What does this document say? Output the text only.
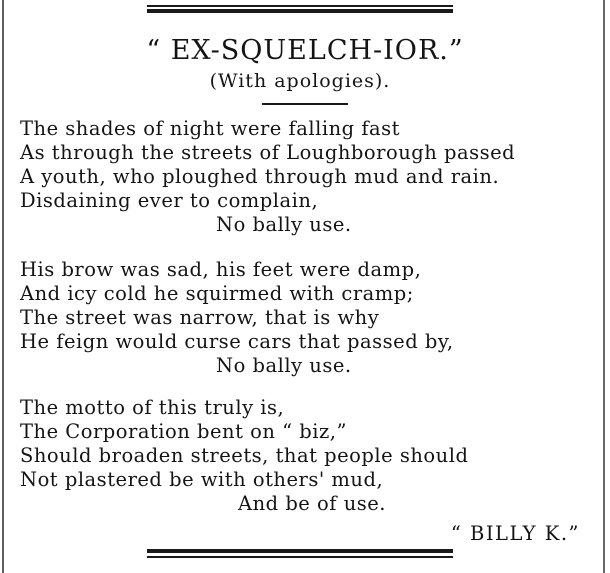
“ EX-SQUELCH-IOR.”
(With apologies).
The shades of night were falling fast
As through the streets of Loughborough passed
A youth, who ploughed through mud and rain.
Disdaining ever to complain,
No bally use.
His brow was sad, his feet were damp,
And icy cold he squirmed with cramp;
The street was narrow, that is why
He feign would curse cars that passed by,
No bally use.
The motto of this truly is,
The Corporation bent on “ biz,”
Should broaden streets, that people should
Not plastered be with others' mud,
And be of use.
“ BILLY K.”
